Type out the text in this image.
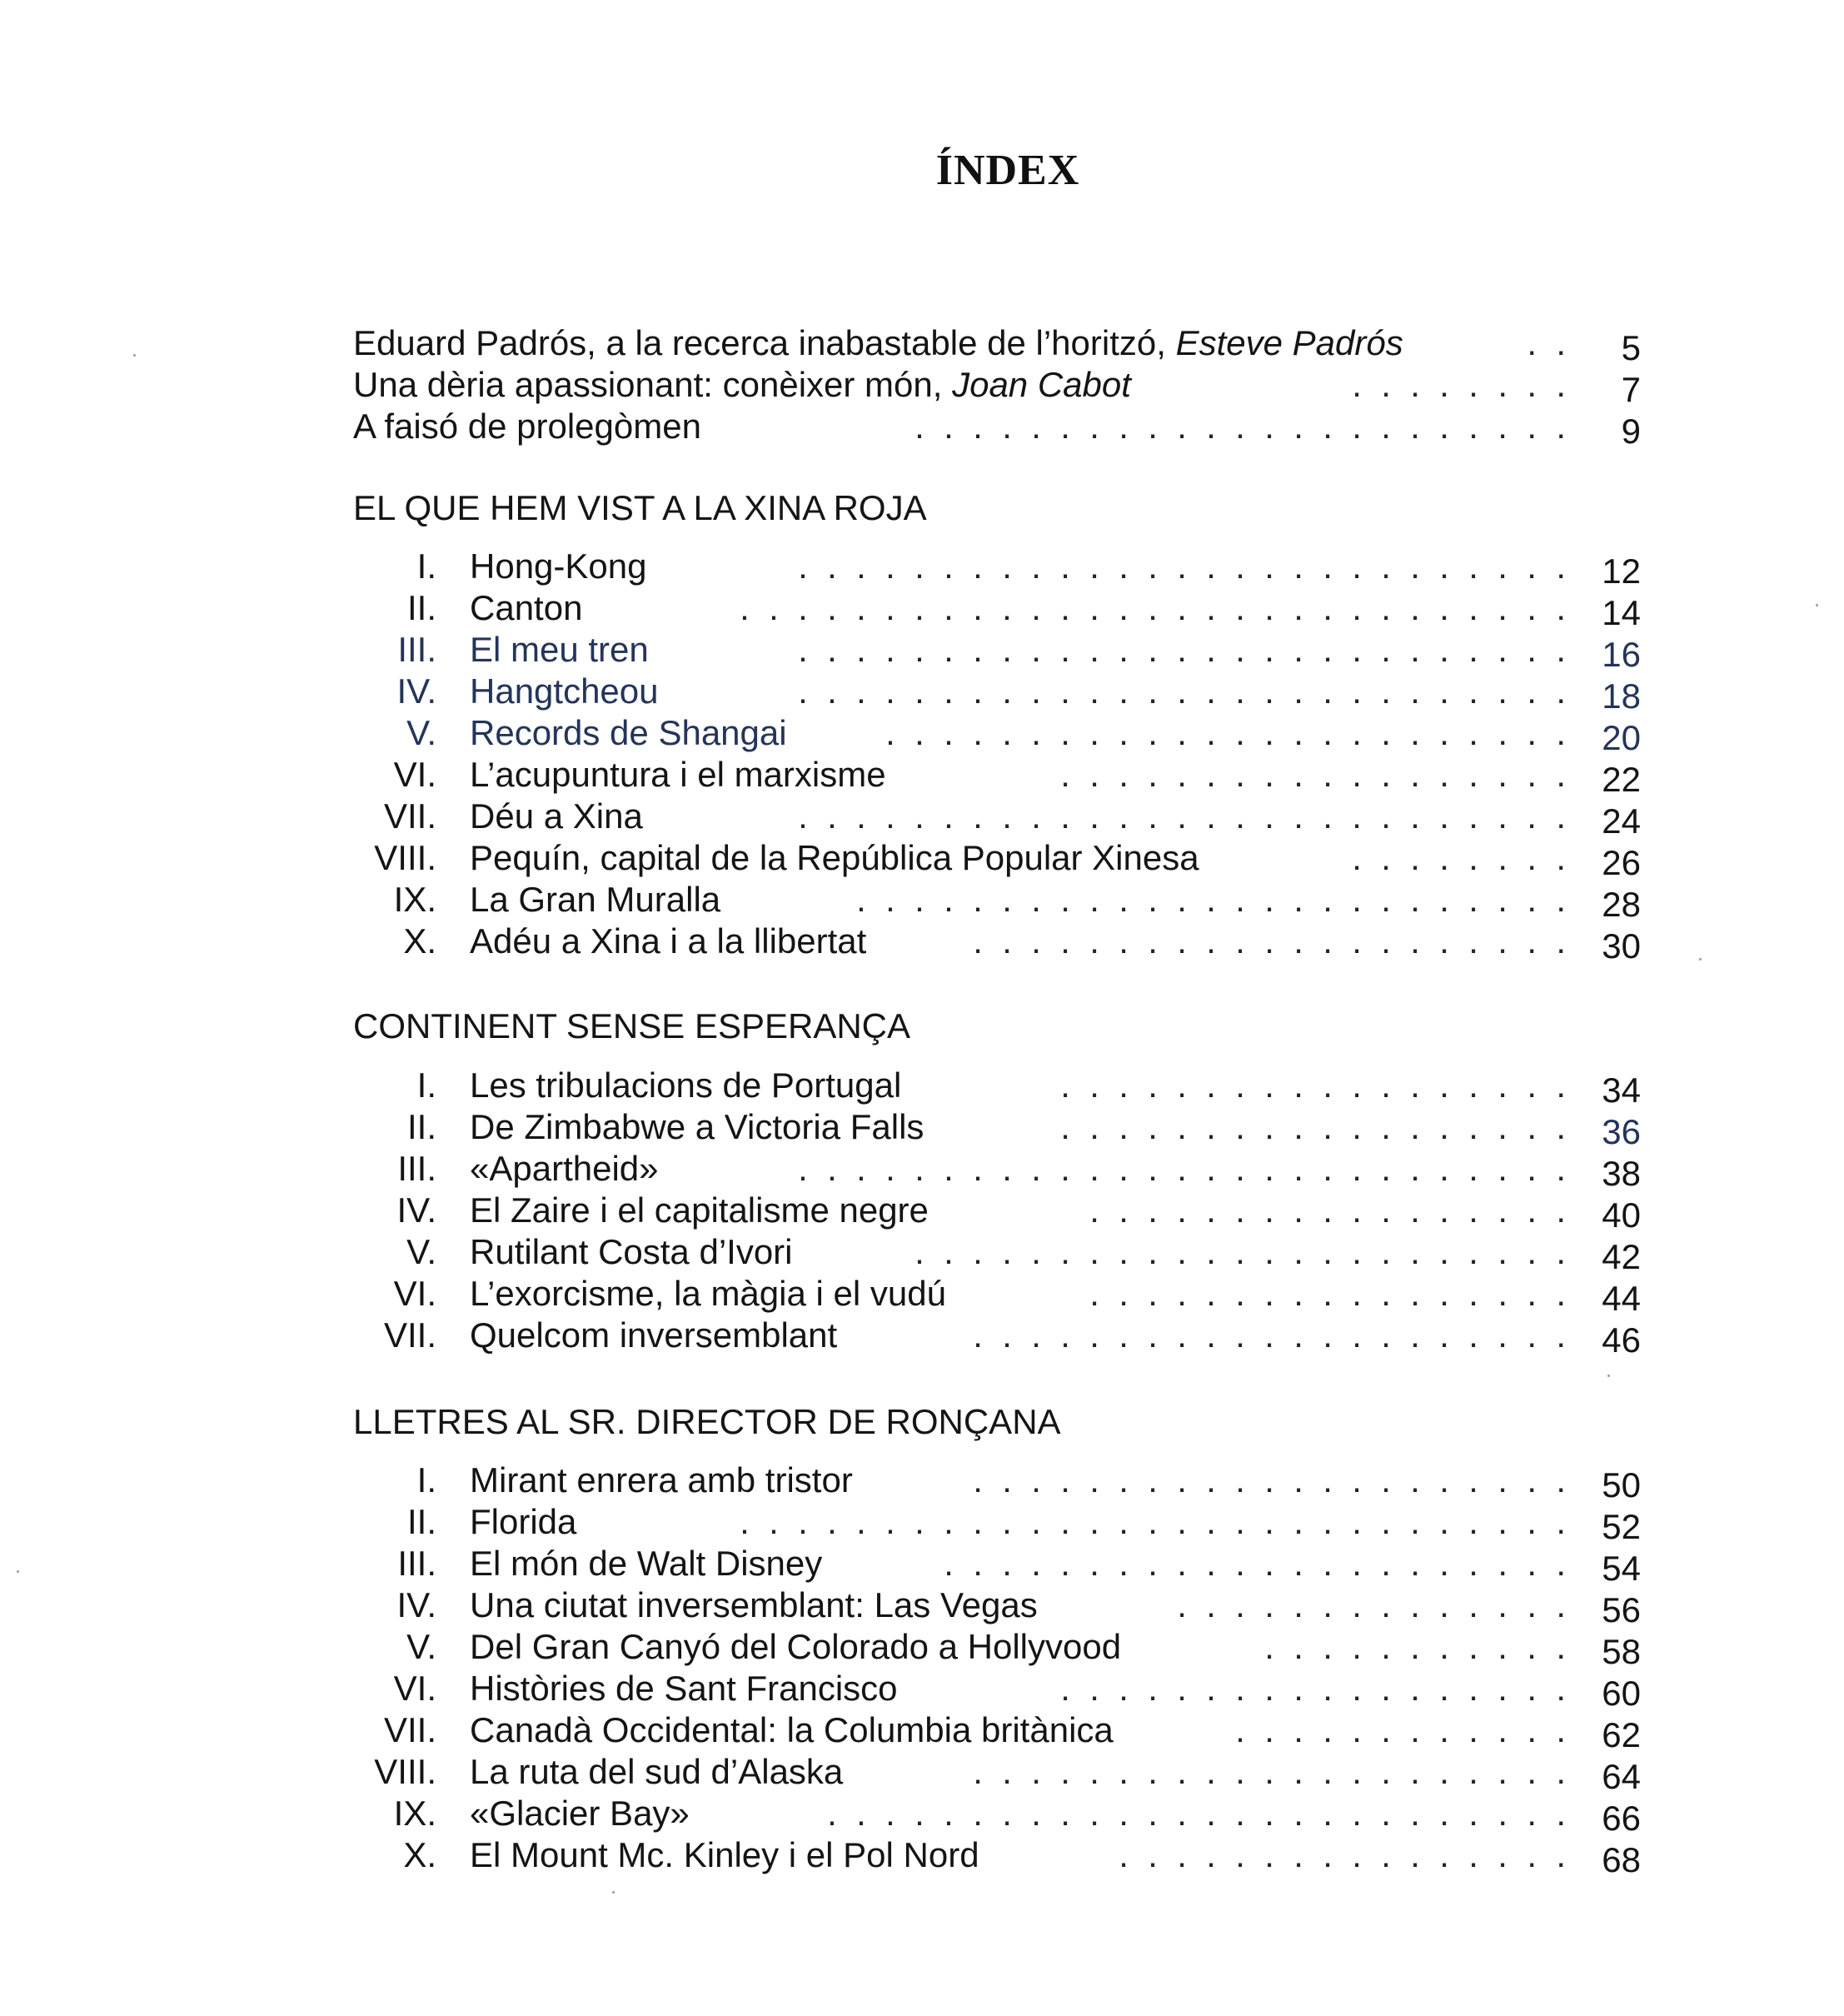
ÍNDEX
Eduard Padrós, a la recerca inabastable de l’horitzó, Esteve Padrós	.  .	5
Una dèria apassionant: conèixer món, Joan Cabot	.  .  .  .  .  .  .  .	7
A faisó de prolegòmen	.  .  .  .  .  .  .  .  .  .  .  .  .  .  .  .  .  .  .  .  .  .  .	9
EL QUE HEM VIST A LA XINA ROJA
I. Hong-Kong	.  .  .  .  .  .  .  .  .  .  .  .  .  .  .  .  .  .  .  .  .  .  .  .  .  .  .	12
II. Canton	.  .  .  .  .  .  .  .  .  .  .  .  .  .  .  .  .  .  .  .  .  .  .  .  .  .  .  .  .	14
III. El meu tren	.  .  .  .  .  .  .  .  .  .  .  .  .  .  .  .  .  .  .  .  .  .  .  .  .  .  .	16
IV. Hangtcheou	.  .  .  .  .  .  .  .  .  .  .  .  .  .  .  .  .  .  .  .  .  .  .  .  .  .  .	18
V. Records de Shangai	.  .  .  .  .  .  .  .  .  .  .  .  .  .  .  .  .  .  .  .  .  .  .  .	20
VI. L’acupuntura i el marxisme	.  .  .  .  .  .  .  .  .  .  .  .  .  .  .  .  .  .	22
VII. Déu a Xina	.  .  .  .  .  .  .  .  .  .  .  .  .  .  .  .  .  .  .  .  .  .  .  .  .  .  .	24
VIII. Pequín, capital de la República Popular Xinesa	.  .  .  .  .  .  .  .	26
IX. La Gran Muralla	.  .  .  .  .  .  .  .  .  .  .  .  .  .  .  .  .  .  .  .  .  .  .  .  .	28
X. Adéu a Xina i a la llibertat	.  .  .  .  .  .  .  .  .  .  .  .  .  .  .  .  .  .  .  .  .	30
CONTINENT SENSE ESPERANÇA
I. Les tribulacions de Portugal	.  .  .  .  .  .  .  .  .  .  .  .  .  .  .  .  .  .	34
II. De Zimbabwe a Victoria Falls	.  .  .  .  .  .  .  .  .  .  .  .  .  .  .  .  .  .	36
III. «Apartheid»	.  .  .  .  .  .  .  .  .  .  .  .  .  .  .  .  .  .  .  .  .  .  .  .  .  .  .	38
IV. El Zaire i el capitalisme negre	.  .  .  .  .  .  .  .  .  .  .  .  .  .  .  .  .	40
V. Rutilant Costa d’Ivori	.  .  .  .  .  .  .  .  .  .  .  .  .  .  .  .  .  .  .  .  .  .  .	42
VI. L’exorcisme, la màgia i el vudú	.  .  .  .  .  .  .  .  .  .  .  .  .  .  .  .  .	44
VII. Quelcom inversemblant	.  .  .  .  .  .  .  .  .  .  .  .  .  .  .  .  .  .  .  .  .	46
LLETRES AL SR. DIRECTOR DE RONÇANA
I. Mirant enrera amb tristor	.  .  .  .  .  .  .  .  .  .  .  .  .  .  .  .  .  .  .  .  .	50
II. Florida	.  .  .  .  .  .  .  .  .  .  .  .  .  .  .  .  .  .  .  .  .  .  .  .  .  .  .  .  .	52
III. El món de Walt Disney	.  .  .  .  .  .  .  .  .  .  .  .  .  .  .  .  .  .  .  .  .  .	54
IV. Una ciutat inversemblant: Las Vegas	.  .  .  .  .  .  .  .  .  .  .  .  .  .	56
V. Del Gran Canyó del Colorado a Hollyvood	.  .  .  .  .  .  .  .  .  .  .	58
VI. Històries de Sant Francisco	.  .  .  .  .  .  .  .  .  .  .  .  .  .  .  .  .  .	60
VII. Canadà Occidental: la Columbia britànica	.  .  .  .  .  .  .  .  .  .  .  .	62
VIII. La ruta del sud d’Alaska	.  .  .  .  .  .  .  .  .  .  .  .  .  .  .  .  .  .  .  .  .	64
IX. «Glacier Bay»	.  .  .  .  .  .  .  .  .  .  .  .  .  .  .  .  .  .  .  .  .  .  .  .  .  .	66
X. El Mount Mc. Kinley i el Pol Nord	.  .  .  .  .  .  .  .  .  .  .  .  .  .  .  .	68
